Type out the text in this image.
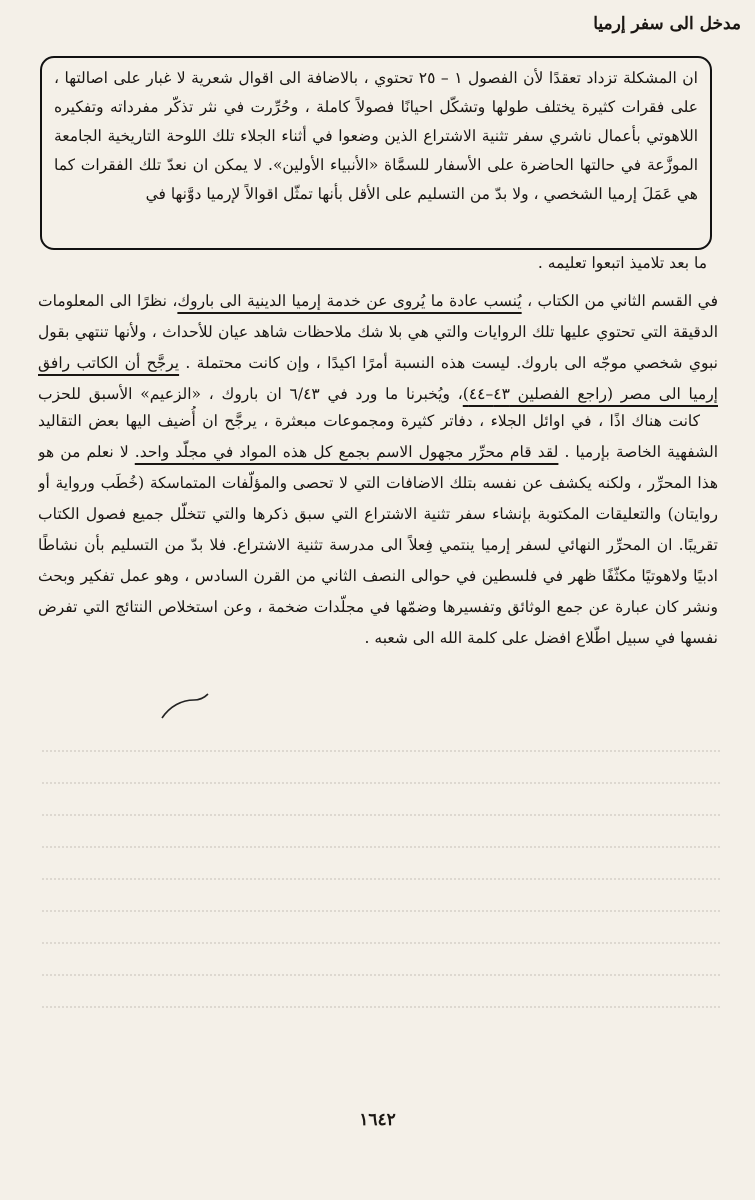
مدخل الى سفر إرميا

ان المشكلة تزداد تعقدًا لأن الفصول ١ – ٢٥ تحتوي ، بالاضافة الى اقوال شعرية لا غبار على اصالتها ، على فقرات كثيرة يختلف طولها وتشكّل احيانًا فصولاً كاملة ، وحُرِّرت في نثر تذكّر مفرداته وتفكيره اللاهوتي بأعمال ناشري سفر تثنية الاشتراع الذين وضعوا في أثناء الجلاء تلك اللوحة التاريخية الجامعة الموزَّعة في حالتها الحاضرة على الأسفار للسمَّاة «الأنبياء الأولين». لا يمكن ان نعدّ تلك الفقرات كما هي عَمَلَ إرميا الشخصي ، ولا بدّ من التسليم على الأقل بأنها تمثّل اقوالاً لإرميا دوَّنها في

ما بعد تلاميذ اتبعوا تعليمه .

في القسم الثاني من الكتاب ، يُنسب عادة ما يُروى عن خدمة إرميا الدينية الى باروك، نظرًا الى المعلومات الدقيقة التي تحتوي عليها تلك الروايات والتي هي بلا شك ملاحظات شاهد عيان للأحداث ، ولأنها تنتهي بقول نبوي شخصي موجّه الى باروك. ليست هذه النسبة أمرًا اكيدًا ، وإن كانت محتملة . يرجَّح أن الكاتب رافق إرميا الى مصر (راجع الفصلين ٤٣–٤٤)، ويُخبرنا ما ورد في ٦/٤٣ ان باروك ، «الزعيم» الأسبق للحزب

كانت هناك اذًا ، في اوائل الجلاء ، دفاتر كثيرة ومجموعات مبعثرة ، يرجَّح ان أُضيف اليها بعض التقاليد الشفهية الخاصة بإرميا . لقد قام محرِّر مجهول الاسم بجمع كل هذه المواد في مجلّد واحد. لا نعلم من هو هذا المحرِّر ، ولكنه يكشف عن نفسه بتلك الاضافات التي لا تحصى والمؤلّفات المتماسكة (خُطَب ورواية أو روايتان) والتعليقات المكتوبة بإنشاء سفر تثنية الاشتراع التي سبق ذكرها والتي تتخلّل جميع فصول الكتاب تقريبًا. ان المحرِّر النهائي لسفر إرميا ينتمي فِعلاً الى مدرسة تثنية الاشتراع. فلا بدّ من التسليم بأن نشاطًا ادبيًا ولاهوتيًا مكثّفًا ظهر في فلسطين في حوالى النصف الثاني من القرن السادس ، وهو عمل تفكير وبحث ونشر كان عبارة عن جمع الوثائق وتفسيرها وضمّها في مجلّدات ضخمة ، وعن استخلاص النتائج التي تفرض نفسها في سبيل اطّلاع افضل على كلمة الله الى شعبه .

١٦٤٢
